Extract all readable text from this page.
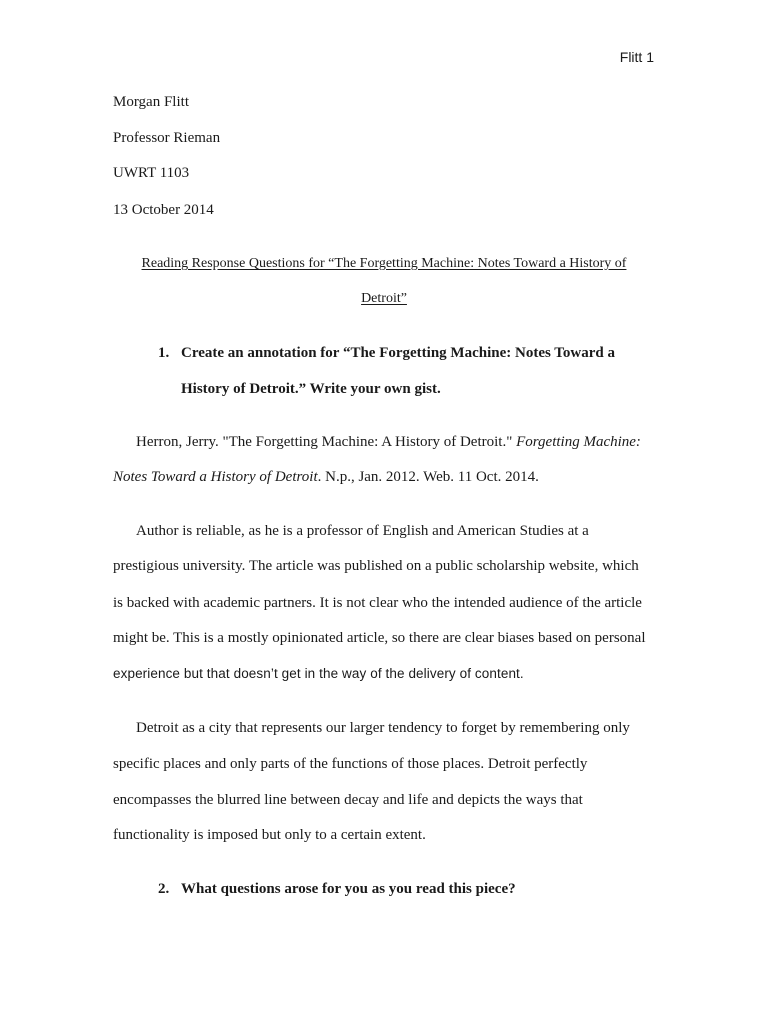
Flitt 1
Morgan Flitt
Professor Rieman
UWRT 1103
13 October 2014
Reading Response Questions for “The Forgetting Machine: Notes Toward a History of
Detroit”
1. Create an annotation for “The Forgetting Machine: Notes Toward a
History of Detroit.” Write your own gist.
Herron, Jerry. "The Forgetting Machine: A History of Detroit." Forgetting Machine:
Notes Toward a History of Detroit. N.p., Jan. 2012. Web. 11 Oct. 2014.
Author is reliable, as he is a professor of English and American Studies at a
prestigious university. The article was published on a public scholarship website, which
is backed with academic partners. It is not clear who the intended audience of the article
might be. This is a mostly opinionated article, so there are clear biases based on personal
experience but that doesn’t get in the way of the delivery of content.
Detroit as a city that represents our larger tendency to forget by remembering only
specific places and only parts of the functions of those places. Detroit perfectly
encompasses the blurred line between decay and life and depicts the ways that
functionality is imposed but only to a certain extent.
2. What questions arose for you as you read this piece?
